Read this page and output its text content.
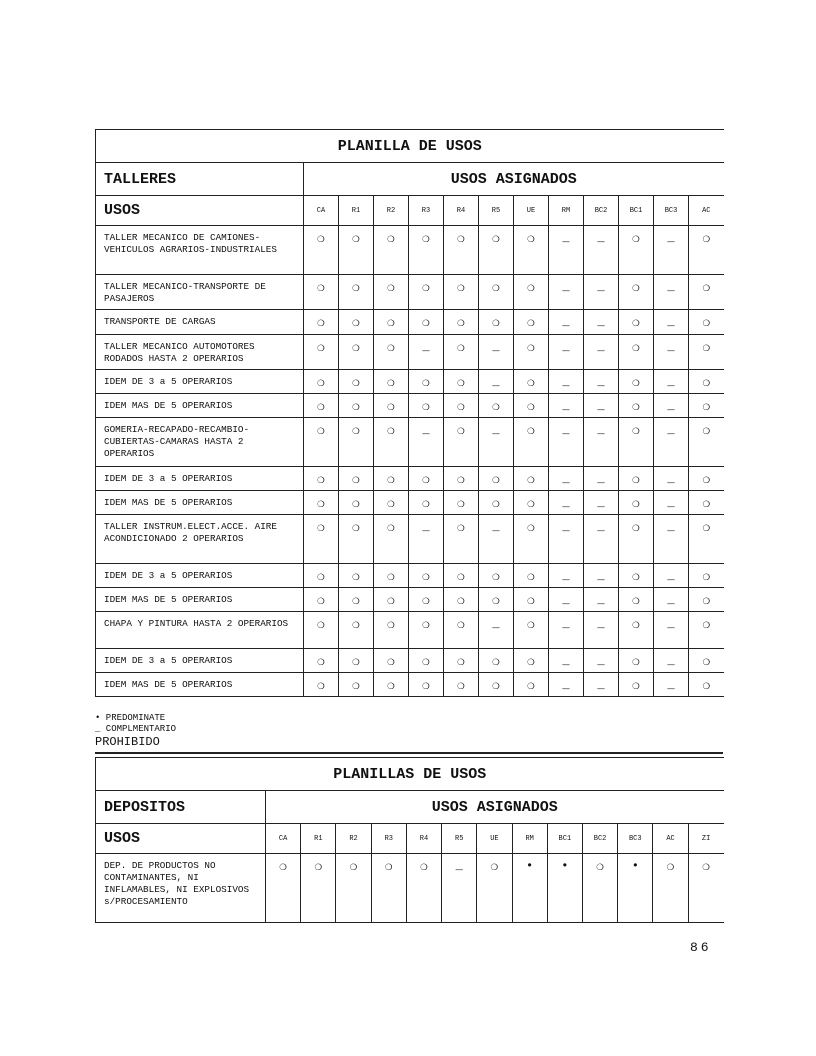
PLANILLA DE USOS												
TALLERES	USOS ASIGNADOS											
USOS	CA	R1	R2	R3	R4	R5	UE	RM	BC2	BC1	BC3	AC
TALLER MECANICO DE CAMIONES-VEHICULOS AGRARIOS-INDUSTRIALES	❍	❍	❍	❍	❍	❍	❍	_	_	❍	_	❍
TALLER MECANICO-TRANSPORTE DE PASAJEROS	❍	❍	❍	❍	❍	❍	❍	_	_	❍	_	❍
TRANSPORTE DE CARGAS	❍	❍	❍	❍	❍	❍	❍	_	_	❍	_	❍
TALLER MECANICO AUTOMOTORES RODADOS HASTA 2 OPERARIOS	❍	❍	❍	_	❍	_	❍	_	_	❍	_	❍
IDEM DE 3 a 5 OPERARIOS	❍	❍	❍	❍	❍	_	❍	_	_	❍	_	❍
IDEM MAS DE 5 OPERARIOS	❍	❍	❍	❍	❍	❍	❍	_	_	❍	_	❍
GOMERIA-RECAPADO-RECAMBIO-CUBIERTAS-CAMARAS HASTA 2 OPERARIOS	❍	❍	❍	_	❍	_	❍	_	_	❍	_	❍
IDEM DE 3 a 5 OPERARIOS	❍	❍	❍	❍	❍	❍	❍	_	_	❍	_	❍
IDEM MAS DE 5 OPERARIOS	❍	❍	❍	❍	❍	❍	❍	_	_	❍	_	❍
TALLER INSTRUM.ELECT.ACCE. AIRE ACONDICIONADO 2 OPERARIOS	❍	❍	❍	_	❍	_	❍	_	_	❍	_	❍
IDEM DE 3 a 5 OPERARIOS	❍	❍	❍	❍	❍	❍	❍	_	_	❍	_	❍
IDEM MAS DE 5 OPERARIOS	❍	❍	❍	❍	❍	❍	❍	_	_	❍	_	❍
CHAPA Y PINTURA HASTA 2 OPERARIOS	❍	❍	❍	❍	❍	_	❍	_	_	❍	_	❍
IDEM DE 3 a 5 OPERARIOS	❍	❍	❍	❍	❍	❍	❍	_	_	❍	_	❍
IDEM MAS DE 5 OPERARIOS	❍	❍	❍	❍	❍	❍	❍	_	_	❍	_	❍
• PREDOMINATE
_ COMPLMENTARIO
PROHIBIDO
PLANILLAS DE USOS													
DEPOSITOS	USOS ASIGNADOS												
USOS	CA	R1	R2	R3	R4	R5	UE	RM	BC1	BC2	BC3	AC	ZI
DEP. DE PRODUCTOS NO CONTAMINANTES, NI INFLAMABLES, NI EXPLOSIVOS s/PROCESAMIENTO	❍	❍	❍	❍	❍	_	❍	•	•	❍	•	❍	❍
86
